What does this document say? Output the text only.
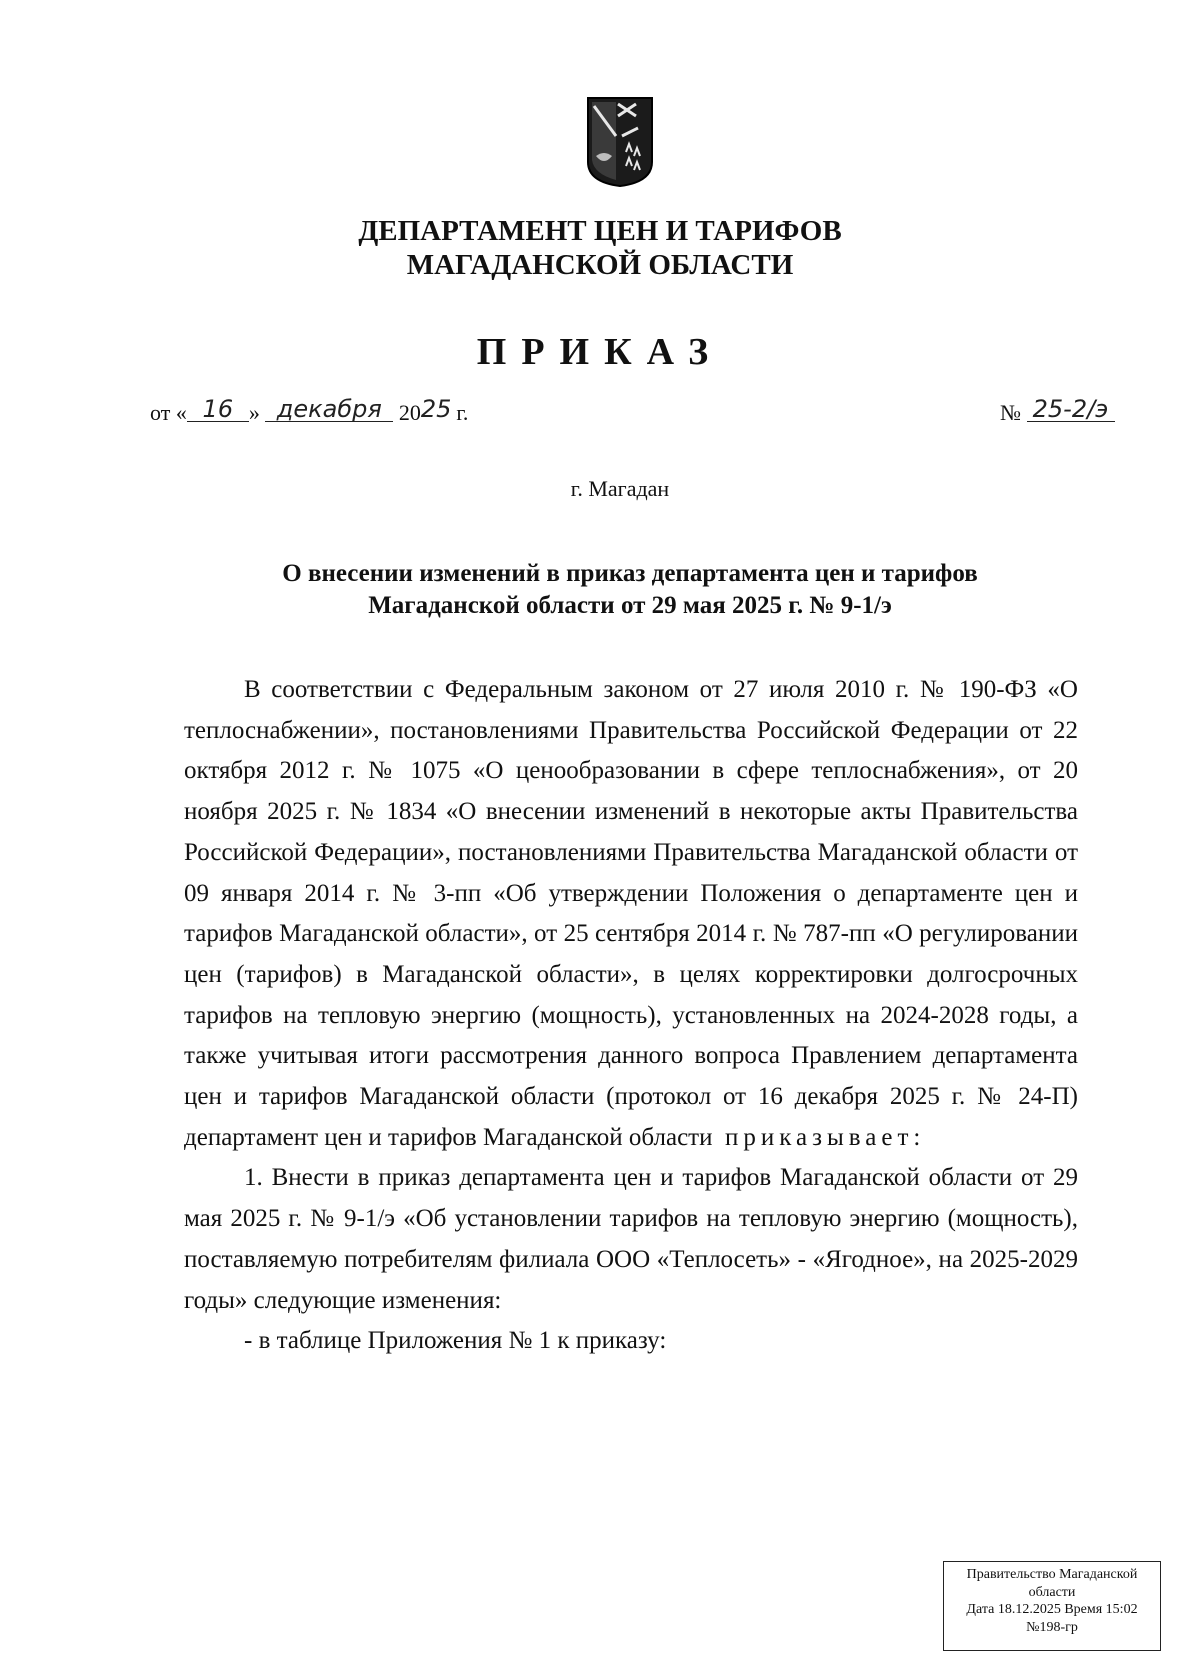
ДЕПАРТАМЕНТ ЦЕН И ТАРИФОВ
МАГАДАНСКОЙ ОБЛАСТИ
ПРИКАЗ
от « 16 » декабря 2025 г.	№ 25-2/э
г. Магадан
О внесении изменений в приказ департамента цен и тарифов
Магаданской области от 29 мая 2025 г. № 9-1/э

В соответствии с Федеральным законом от 27 июля 2010 г. № 190-ФЗ «О теплоснабжении», постановлениями Правительства Российской Федерации от 22 октября 2012 г. № 1075 «О ценообразовании в сфере теплоснабжения», от 20 ноября 2025 г. № 1834 «О внесении изменений в некоторые акты Правительства Российской Федерации», постановлениями Правительства Магаданской области от 09 января 2014 г. № 3-пп «Об утверждении Положения о департаменте цен и тарифов Магаданской области», от 25 сентября 2014 г. № 787-пп «О регулировании цен (тарифов) в Магаданской области», в целях корректировки долгосрочных тарифов на тепловую энергию (мощность), установленных на 2024-2028 годы, а также учитывая итоги рассмотрения данного вопроса Правлением департамента цен и тарифов Магаданской области (протокол от 16 декабря 2025 г. № 24-П) департамент цен и тарифов Магаданской области приказывает:

1. Внести в приказ департамента цен и тарифов Магаданской области от 29 мая 2025 г. № 9-1/э «Об установлении тарифов на тепловую энергию (мощность), поставляемую потребителям филиала ООО «Теплосеть» - «Ягодное», на 2025-2029 годы» следующие изменения:

- в таблице Приложения № 1 к приказу:

Правительство Магаданской
области
Дата 18.12.2025 Время 15:02
№198-гр
